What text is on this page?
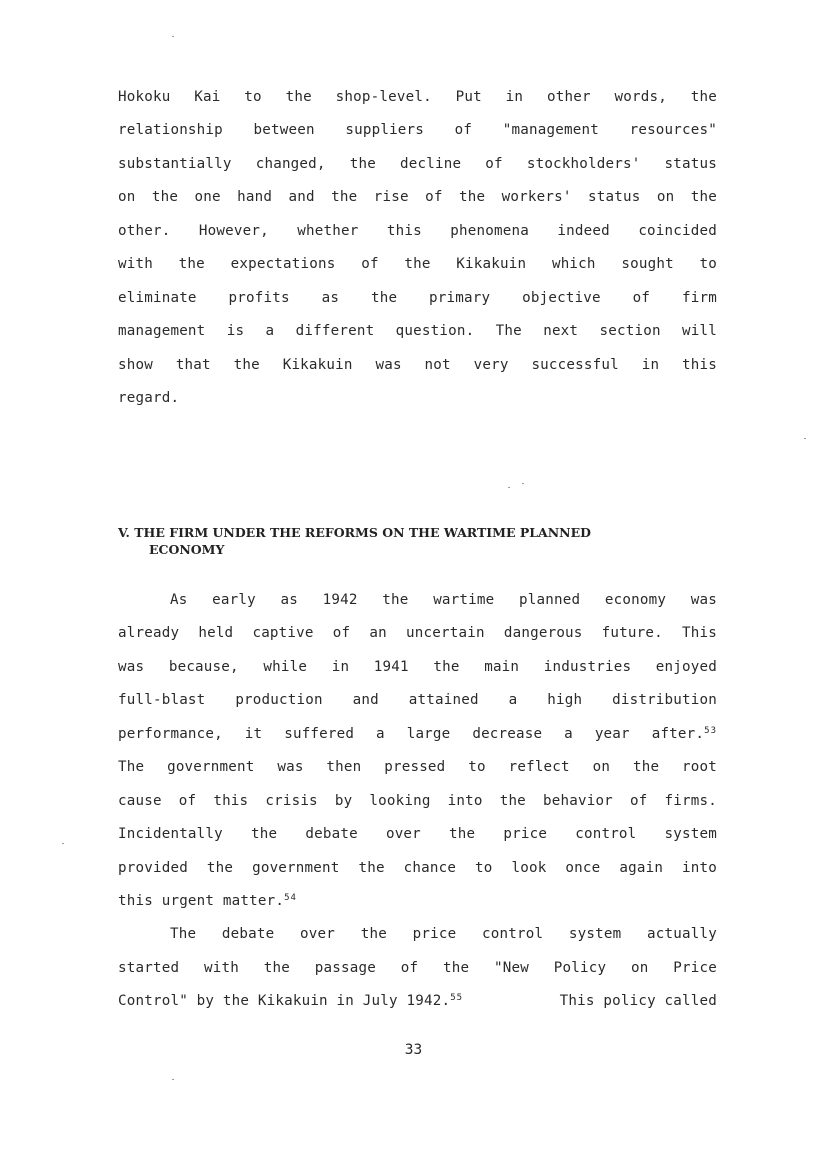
Hokoku Kai to the shop-level. Put in other words, the
relationship between suppliers of "management resources"
substantially changed, the decline of stockholders' status
on the one hand and the rise of the workers' status on the
other. However, whether this phenomena indeed coincided
with the expectations of the Kikakuin which sought to
eliminate profits as the primary objective of firm
management is a different question. The next section will
show that the Kikakuin was not very successful in this
regard.
V. THE FIRM UNDER THE REFORMS ON THE WARTIME PLANNED
ECONOMY
As early as 1942 the wartime planned economy was
already held captive of an uncertain dangerous future. This
was because, while in 1941 the main industries enjoyed
full-blast production and attained a high distribution
performance, it suffered a large decrease a year after.$^{53}$
The government was then pressed to reflect on the root
cause of this crisis by looking into the behavior of firms.
Incidentally the debate over the price control system
provided the government the chance to look once again into
this urgent matter.$^{54}$
The debate over the price control system actually
started with the passage of the "New Policy on Price
Control" by the Kikakuin in July 1942.55	This policy called
33
